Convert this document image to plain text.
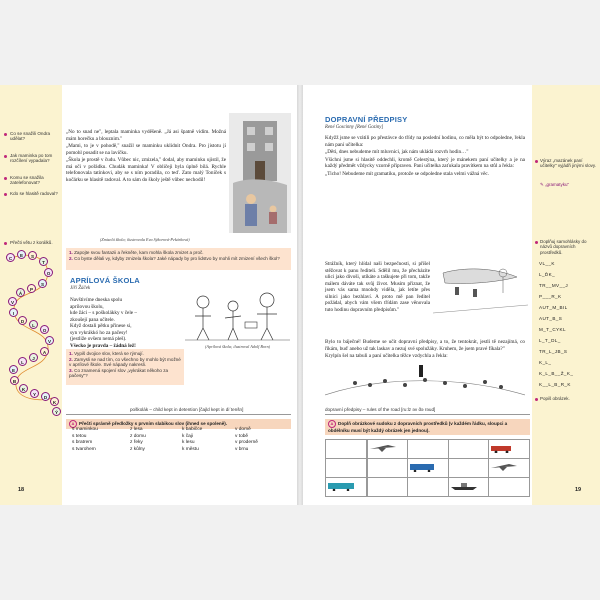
Co se snažili Ondra udělat?
Jak maminka po tom rozčílení vypadala?
Komu se snažila zatelefonovat?
Kdo se hlasitě radoval?
Přečti větu z korálků.
C
E	S
T
O
S
P
Á
V
I
D
L
O
V
A
J
L
E
B
K
Y
D
K
Ý

„No to snad ne", leptala maminka vyděšeně. „Já asi špatně vidím. Možná mám horečku a blouznim."

„Mami, to je v pohodě," snažil se maminku uklidnit Ondra. Pro jistotu jí pomohl posadit se na lavičku.

„Škola je prostě v čudu. Vůbec nic, zmizela," dodal, aby maminku ujistil, že má oči v pořádku. Chudák maminka! V obličeji byla úplně bílá. Rychle telefonovala tatínkovi, aby se s ním poradila, co teď. Zato malý Toníček s kočárku se hlasitě radoval. A to sám do školy ještě vůbec nechodil!

(Zmizelá škola; ilustrovala Eva Sýkorová-Pekárková)
1. Zapojte svou fantazii a řekněte, kam mohla škola zmizet a proč.
2. Co byste dělali vy, kdyby zmizela škola? Jaké nápady by pro lidstvo by mohli mít zmizení všech škol?
APRÍLOVÁ ŠKOLA
Jiří Žáček
Navštivíme dneska spolu
aprílovou školu,
kde žáci – s poškolákky v čele –
zkoušejí pana učitele.
Když dostali pětku přinese si,
syn vykrákkó ho za pačesy!
(jestliže ovšem nemá pleš).
Všecko je pravda – žádná lež!	(Aprílová škola; ilustroval Adolf Born)
1. Vypiš dvojice slov, která se rýmují.
2. Zamysli se nad tím, co všechno by mohlo být možné v aprílové škole. Své nápady nakresli.
3. Co znamená spojení slov „vykrákat někoho za pačesy"?
poškolák – child kept in detention [čajld kept in di´tenšn]
A Přečti správně předložky s prvním slabikou slov (ihned se spoleně).
s maminkou
s tetou
s bratrem
s tvarohem
z lesa
z domu
z řeky
z kůlny
k babičce
k čaji
k lesu
k městu
v domě
v tobě
v proderně
v brnu
18
DOPRAVNÍ PŘEDPISY
René Goscinny [René Goziny]

Kdyžž jsme se vrátili po přestávce do třídy na poslední hodinu, co měla být to odpoledne, řekla nám paní učitelka:

„Děti, dnes nebudeme mít mluvnici, jak nám ukládá rozvrh hodin…"

Všichni jsme si hlasitě oddechli, kromě Celestýna, který je mánekem paní učitelky a je na každý předmět vždycky vzorně připraven. Paní učitelka zaťukala pravítkem na stůl a řekla:

„Ticho! Nebudeme mít gramatiku, protože se odpoledne stala velmi vážná věc.

Strážník, který hlídal naši bezpečnosti, si přišel stěžovat k panu řediteli. Sdělil mu, že přecházíte ulici jako divoši, utíkáte a taškujete při tom, takže málem dáváte tak svůj život. Musím přiznat, že jsem vás sama mnohdy viděla, jak letíte přes silnici jako bezhlaví. A proto mě pan ředitel požádal, abych vám všem třídám zase věnovala tuto hodinu dopravním předpisům."

Bylo to báječné! Budeme se učit dopravní předpisy, a to, že tentokrát, jestli tě nezajímá, co říkám, buď anebo už tak laskav a nezuj své spolužáky. Kruhem, že jsem pravé fíkala?"

Krylpín šel na tabuli a paní učitelka těžce vzdychla a řekla:

dopravní předpisy – rules of the road [ru:lz əv ðə rəud]
A Doplň obrázkové sudoku z dopravních prostředků (v každém řádku, sloupci a obdélníku musí být každý obrázek jen jednou).

Výraz „mazánek paní učitelky" vyjádři jinými slovy.
✎ „gramatyku"
Doplňuj samohlásky do názvů dopravních prostředků.
VL__K
L_ĎK_
TR__MV__J
P___R_K
AUT_M_BIL
AUT_B_S
M_T_CYKL
L_T_DL_
TR_L_JB_S
K_L_
K_L_B__Ž_K_
K__L_B_R_K
Popiš obrázek.
19
